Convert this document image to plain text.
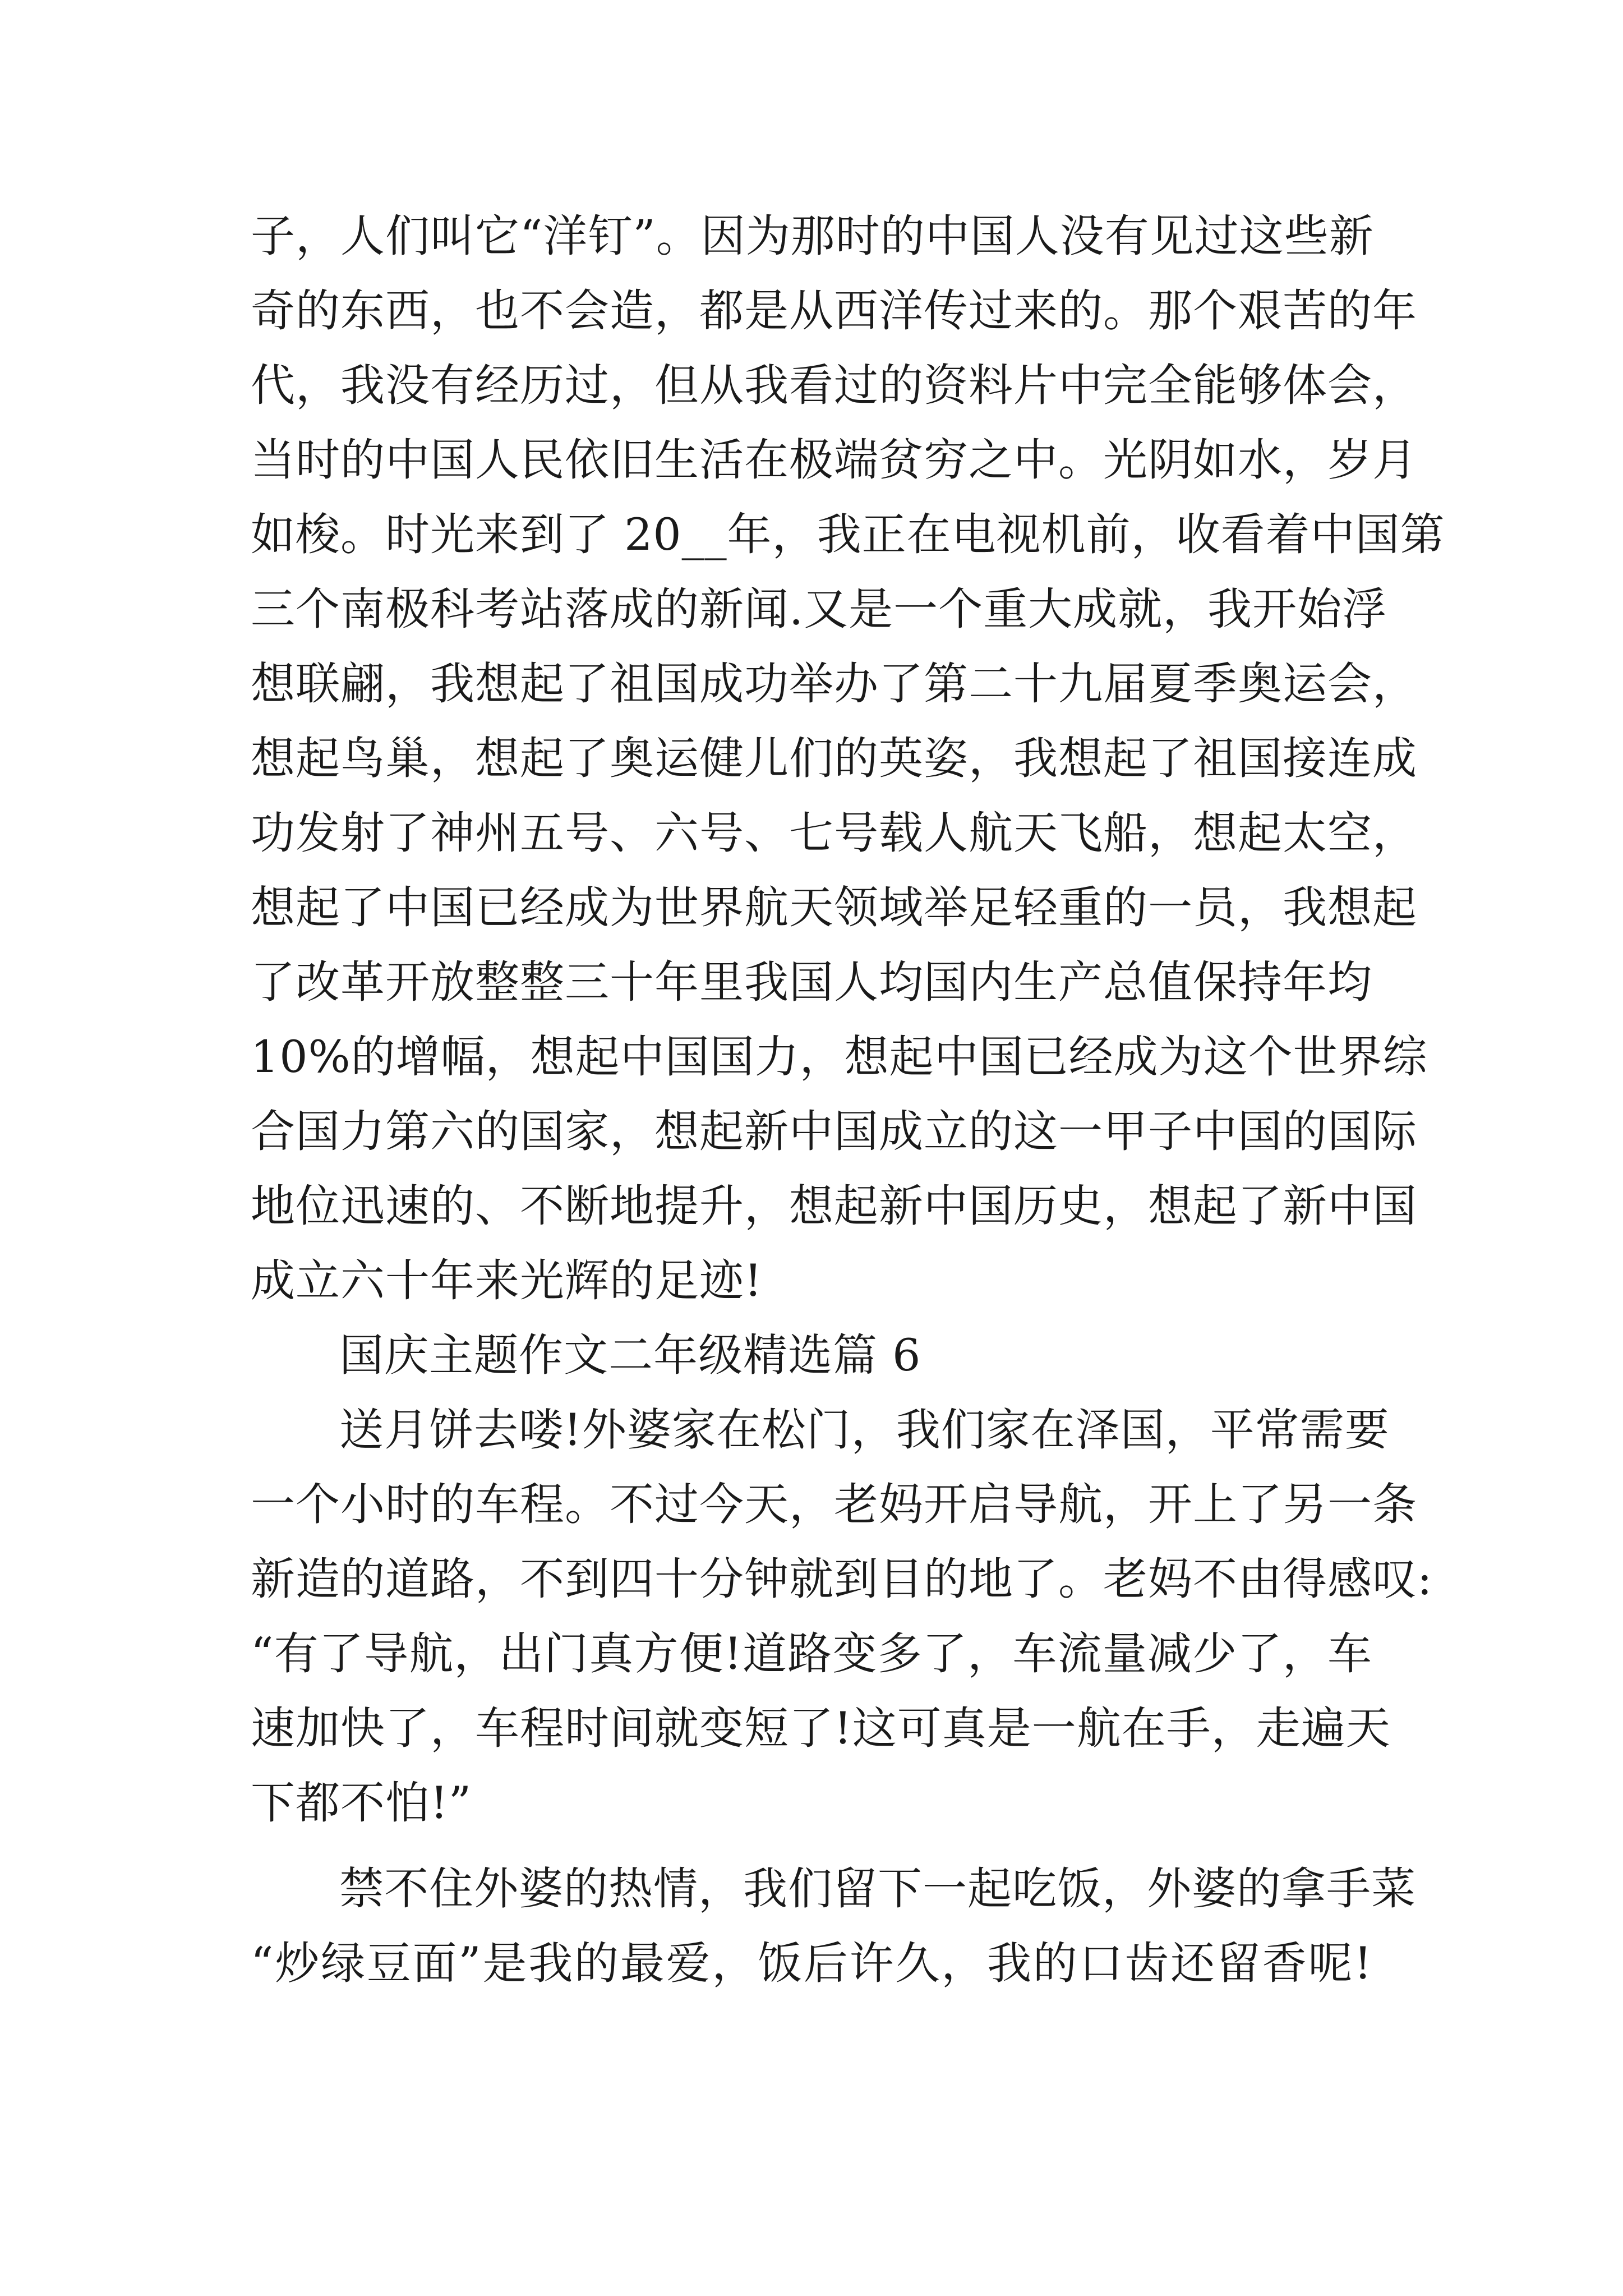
子，人们叫它“洋钉”。因为那时的中国人没有见过这些新
奇的东西，也不会造，都是从西洋传过来的。那个艰苦的年
代，我没有经历过，但从我看过的资料片中完全能够体会，
当时的中国人民依旧生活在极端贫穷之中。光阴如水，岁月
如梭。时光来到了 20__年，我正在电视机前，收看着中国第
三个南极科考站落成的新闻.又是一个重大成就，我开始浮
想联翩，我想起了祖国成功举办了第二十九届夏季奥运会，
想起鸟巢，想起了奥运健儿们的英姿，我想起了祖国接连成
功发射了神州五号、六号、七号载人航天飞船，想起太空，
想起了中国已经成为世界航天领域举足轻重的一员，我想起
了改革开放整整三十年里我国人均国内生产总值保持年均
10%的增幅，想起中国国力，想起中国已经成为这个世界综
合国力第六的国家，想起新中国成立的这一甲子中国的国际
地位迅速的、不断地提升，想起新中国历史，想起了新中国
成立六十年来光辉的足迹!
国庆主题作文二年级精选篇 6
送月饼去喽!外婆家在松门，我们家在泽国，平常需要
一个小时的车程。不过今天，老妈开启导航，开上了另一条
新造的道路，不到四十分钟就到目的地了。老妈不由得感叹:
“有了导航，出门真方便!道路变多了，车流量减少了，车
速加快了，车程时间就变短了!这可真是一航在手，走遍天
下都不怕!”
禁不住外婆的热情，我们留下一起吃饭，外婆的拿手菜
“炒绿豆面”是我的最爱，饭后许久，我的口齿还留香呢!
